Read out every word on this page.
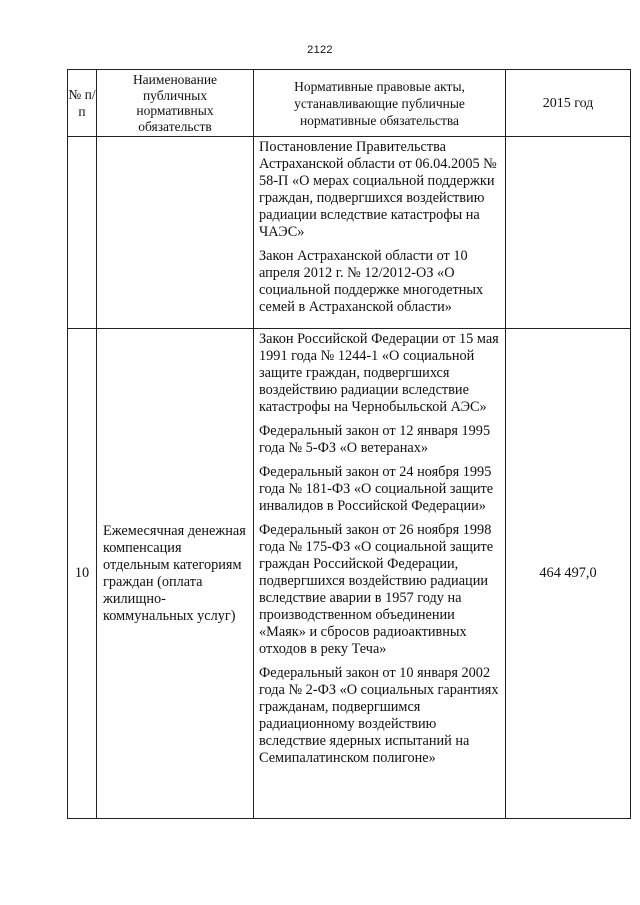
2122
№ п/п	Наименование публичных нормативных обязательств	Нормативные правовые акты, устанавливающие публичные нормативные обязательства	2015 год

		Постановление Правительства Астраханской области от 06.04.2005 № 58-П «О мерах социальной поддержки граждан, подвергшихся воздействию радиации вследствие катастрофы на ЧАЭС»

Закон Астраханской области от 10 апреля 2012 г. № 12/2012-ОЗ «О социальной поддержке многодетных семей в Астраханской области»	

10	Ежемесячная денежная компенсация отдельным категориям граждан (оплата жилищно-коммунальных услуг)	Закон Российской Федерации от 15 мая 1991 года № 1244-1 «О социальной защите граждан, подвергшихся воздействию радиации вследствие катастрофы на Чернобыльской АЭС»

Федеральный закон от 12 января 1995 года № 5-ФЗ «О ветеранах»

Федеральный закон от 24 ноября 1995 года № 181-ФЗ «О социальной защите инвалидов в Российской Федерации»

Федеральный закон от 26 ноября 1998 года № 175-ФЗ «О социальной защите граждан Российской Федерации, подвергшихся воздействию радиации вследствие аварии в 1957 году на производственном объединении «Маяк» и сбросов радиоактивных отходов в реку Теча»

Федеральный закон от 10 января 2002 года № 2-ФЗ «О социальных гарантиях гражданам, подвергшимся радиационному воздействию вследствие ядерных испытаний на Семипалатинском полигоне»	464 497,0
